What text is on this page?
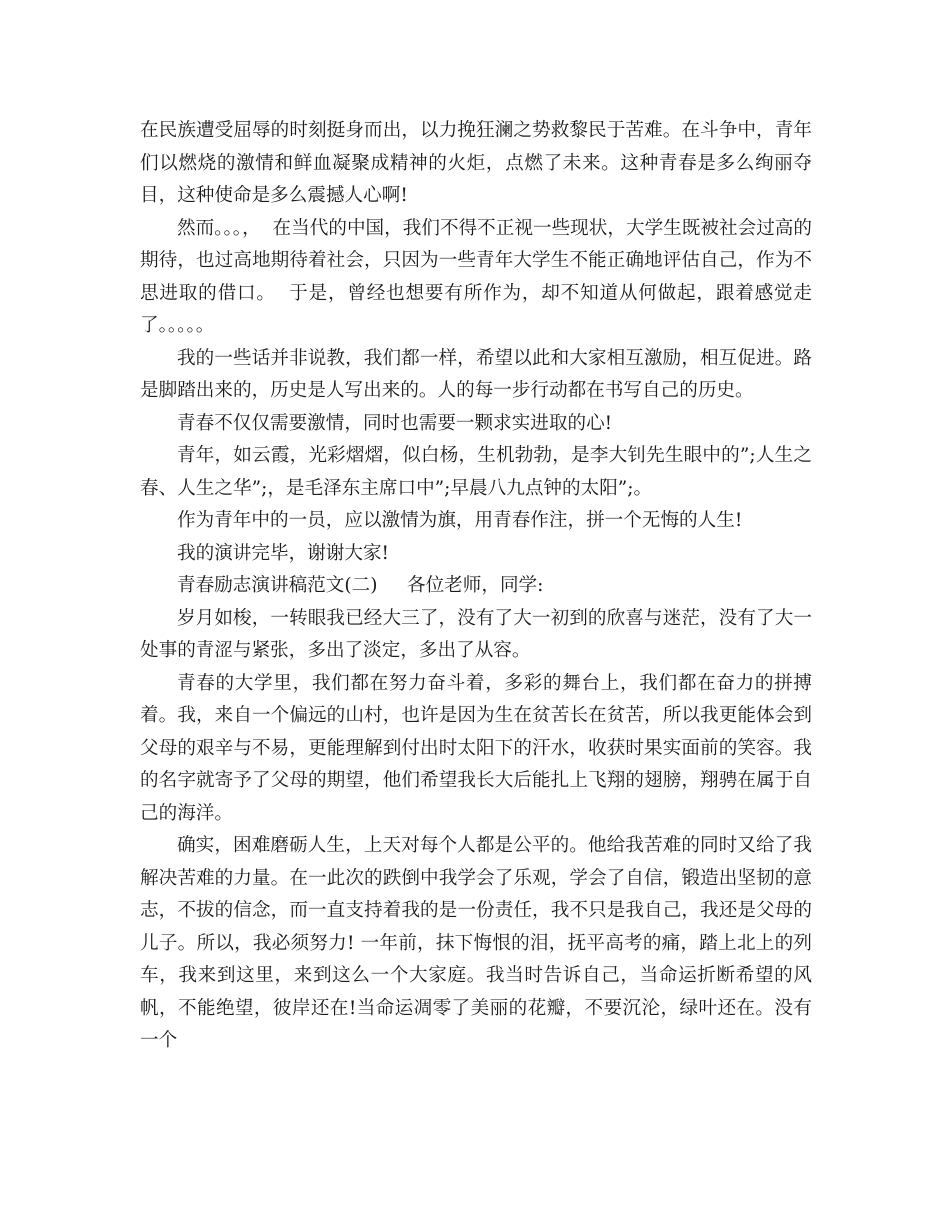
在民族遭受屈辱的时刻挺身而出，以力挽狂澜之势救黎民于苦难。在斗争中，青年们以燃烧的激情和鲜血凝聚成精神的火炬，点燃了未来。这种青春是多么绚丽夺目，这种使命是多么震撼人心啊!

然而。。。，  在当代的中国，我们不得不正视一些现状，大学生既被社会过高的期待，也过高地期待着社会，只因为一些青年大学生不能正确地评估自己，作为不思进取的借口。  于是，曾经也想要有所作为，却不知道从何做起，跟着感觉走了。。。。。

我的一些话并非说教，我们都一样，希望以此和大家相互激励，相互促进。路是脚踏出来的，历史是人写出来的。人的每一步行动都在书写自己的历史。

青春不仅仅需要激情，同时也需要一颗求实进取的心!

青年，如云霞，光彩熠熠，似白杨，生机勃勃，是李大钊先生眼中的”;人生之春、人生之华”;，是毛泽东主席口中”;早晨八九点钟的太阳”;。

作为青年中的一员，应以激情为旗，用青春作注，拼一个无悔的人生!

我的演讲完毕，谢谢大家!

青春励志演讲稿范文(二)     各位老师，同学:

岁月如梭，一转眼我已经大三了，没有了大一初到的欣喜与迷茫，没有了大一处事的青涩与紧张，多出了淡定，多出了从容。

青春的大学里，我们都在努力奋斗着，多彩的舞台上，我们都在奋力的拼搏着。我，来自一个偏远的山村，也许是因为生在贫苦长在贫苦，所以我更能体会到父母的艰辛与不易，更能理解到付出时太阳下的汗水，收获时果实面前的笑容。我的名字就寄予了父母的期望，他们希望我长大后能扎上飞翔的翅膀，翔骋在属于自己的海洋。

确实，困难磨砺人生，上天对每个人都是公平的。他给我苦难的同时又给了我解决苦难的力量。在一此次的跌倒中我学会了乐观，学会了自信，锻造出坚韧的意志，不拔的信念，而一直支持着我的是一份责任，我不只是我自己，我还是父母的儿子。所以，我必须努力! 一年前，抹下悔恨的泪，抚平高考的痛，踏上北上的列车，我来到这里，来到这么一个大家庭。我当时告诉自己，当命运折断希望的风帆，不能绝望，彼岸还在!当命运凋零了美丽的花瓣，不要沉沦，绿叶还在。没有一个
